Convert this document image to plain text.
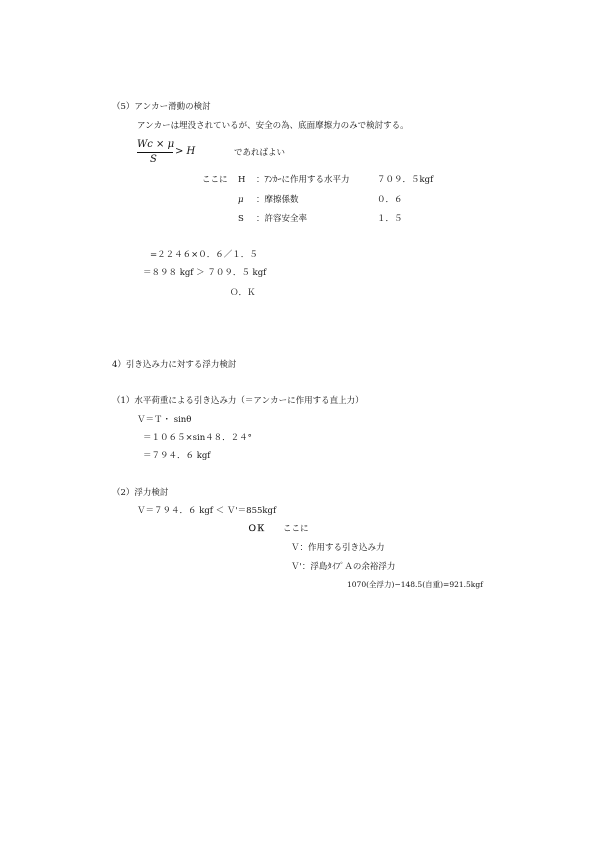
（5）アンカー滑動の検討
アンカーは埋没されているが、安全の為、底面摩擦力のみで検討する。
Wc × μ
S
> H	であればよい
ここに H ：ｱﾝｶｰに作用する水平力	７０９．５kgf
μ ：摩擦係数	０．６
S ：許容安全率	１．５
=２２４６×０．６／１．５
＝８９８ kgf ＞ ７０９．５ kgf
Ｏ．Ｋ
4）引き込み力に対する浮力検討
（1）水平荷重による引き込み力（＝アンカーに作用する直上力）
Ｖ＝Ｔ・ sinθ
＝１０６５×sin４８．２４°
＝７９４．６ kgf
（2）浮力検討
Ｖ＝７９４．６ kgf ＜ Ｖ'＝855kgf
ＯＫ ここに
Ｖ：作用する引き込み力
Ｖ'：浮島ﾀｲﾌﾟＡの余裕浮力
1070(全浮力)−148.5(自重)=921.5kgf
